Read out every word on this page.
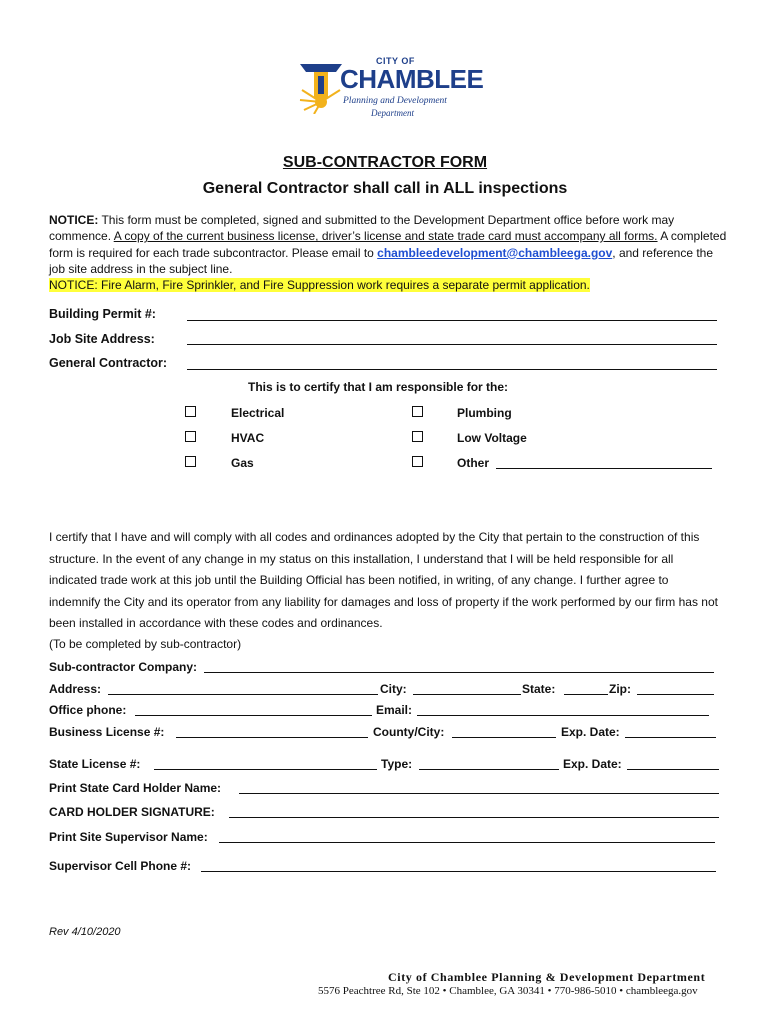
CITY OF
CHAMBLEE
Planning and Development
Department
SUB-CONTRACTOR FORM
General Contractor shall call in ALL inspections
NOTICE: This form must be completed, signed and submitted to the Development Department office before work may commence. A copy of the current business license, driver’s license and state trade card must accompany all forms. A completed form is required for each trade subcontractor. Please email to chambleedevelopment@chambleega.gov, and reference the job site address in the subject line.
NOTICE: Fire Alarm, Fire Sprinkler, and Fire Suppression work requires a separate permit application.
Building Permit #:
Job Site Address:
General Contractor:
This is to certify that I am responsible for the:
Electrical	Plumbing
HVAC	Low Voltage
Gas	Other
I certify that I have and will comply with all codes and ordinances adopted by the City that pertain to the construction of this structure. In the event of any change in my status on this installation, I understand that I will be held responsible for all indicated trade work at this job until the Building Official has been notified, in writing, of any change. I further agree to indemnify the City and its operator from any liability for damages and loss of property if the work performed by our firm has not been installed in accordance with these codes and ordinances.
(To be completed by sub-contractor)
Sub-contractor Company:
Address:	City:	State:	Zip:
Office phone:	Email:
Business License #:	County/City:	Exp. Date:
State License #:	Type:	Exp. Date:
Print State Card Holder Name:
CARD HOLDER SIGNATURE:
Print Site Supervisor Name:
Supervisor Cell Phone #:
Rev 4/10/2020
City of Chamblee Planning & Development Department
5576 Peachtree Rd, Ste 102 • Chamblee, GA 30341 • 770-986-5010 • chambleega.gov
